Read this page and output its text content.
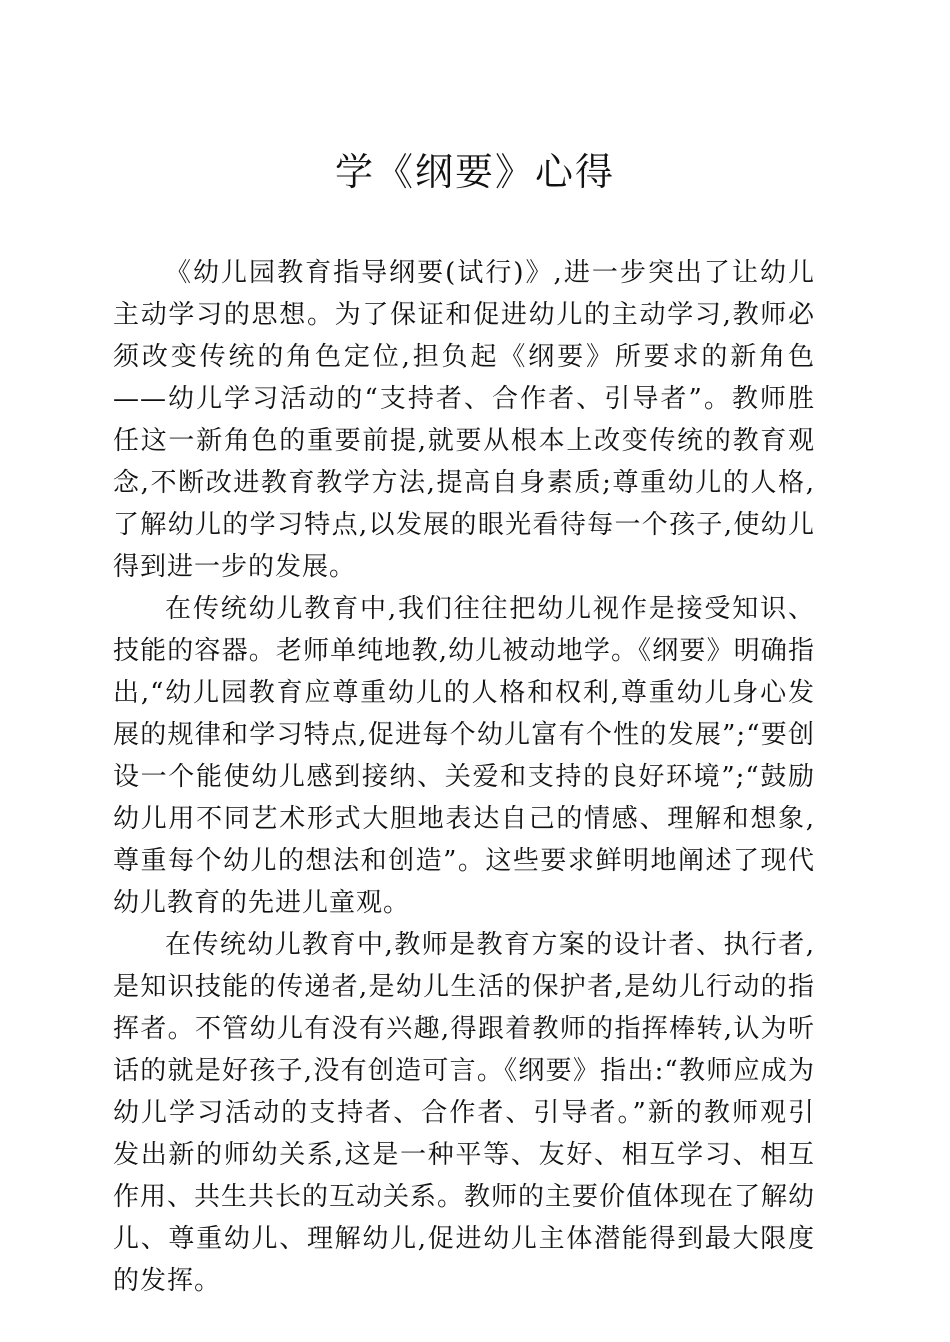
学《纲要》心得

《幼儿园教育指导纲要(试行)》,进一步突出了让幼儿主动学习的思想。为了保证和促进幼儿的主动学习,教师必须改变传统的角色定位,担负起《纲要》所要求的新角色——幼儿学习活动的“支持者、合作者、引导者”。教师胜任这一新角色的重要前提,就要从根本上改变传统的教育观念,不断改进教育教学方法,提高自身素质;尊重幼儿的人格,了解幼儿的学习特点,以发展的眼光看待每一个孩子,使幼儿得到进一步的发展。

在传统幼儿教育中,我们往往把幼儿视作是接受知识、技能的容器。老师单纯地教,幼儿被动地学。《纲要》明确指出,“幼儿园教育应尊重幼儿的人格和权利,尊重幼儿身心发展的规律和学习特点,促进每个幼儿富有个性的发展”;“要创设一个能使幼儿感到接纳、关爱和支持的良好环境”;“鼓励幼儿用不同艺术形式大胆地表达自己的情感、理解和想象,尊重每个幼儿的想法和创造”。这些要求鲜明地阐述了现代幼儿教育的先进儿童观。

在传统幼儿教育中,教师是教育方案的设计者、执行者,是知识技能的传递者,是幼儿生活的保护者,是幼儿行动的指挥者。不管幼儿有没有兴趣,得跟着教师的指挥棒转,认为听话的就是好孩子,没有创造可言。《纲要》指出:“教师应成为幼儿学习活动的支持者、合作者、引导者。”新的教师观引发出新的师幼关系,这是一种平等、友好、相互学习、相互作用、共生共长的互动关系。教师的主要价值体现在了解幼儿、尊重幼儿、理解幼儿,促进幼儿主体潜能得到最大限度的发挥。
